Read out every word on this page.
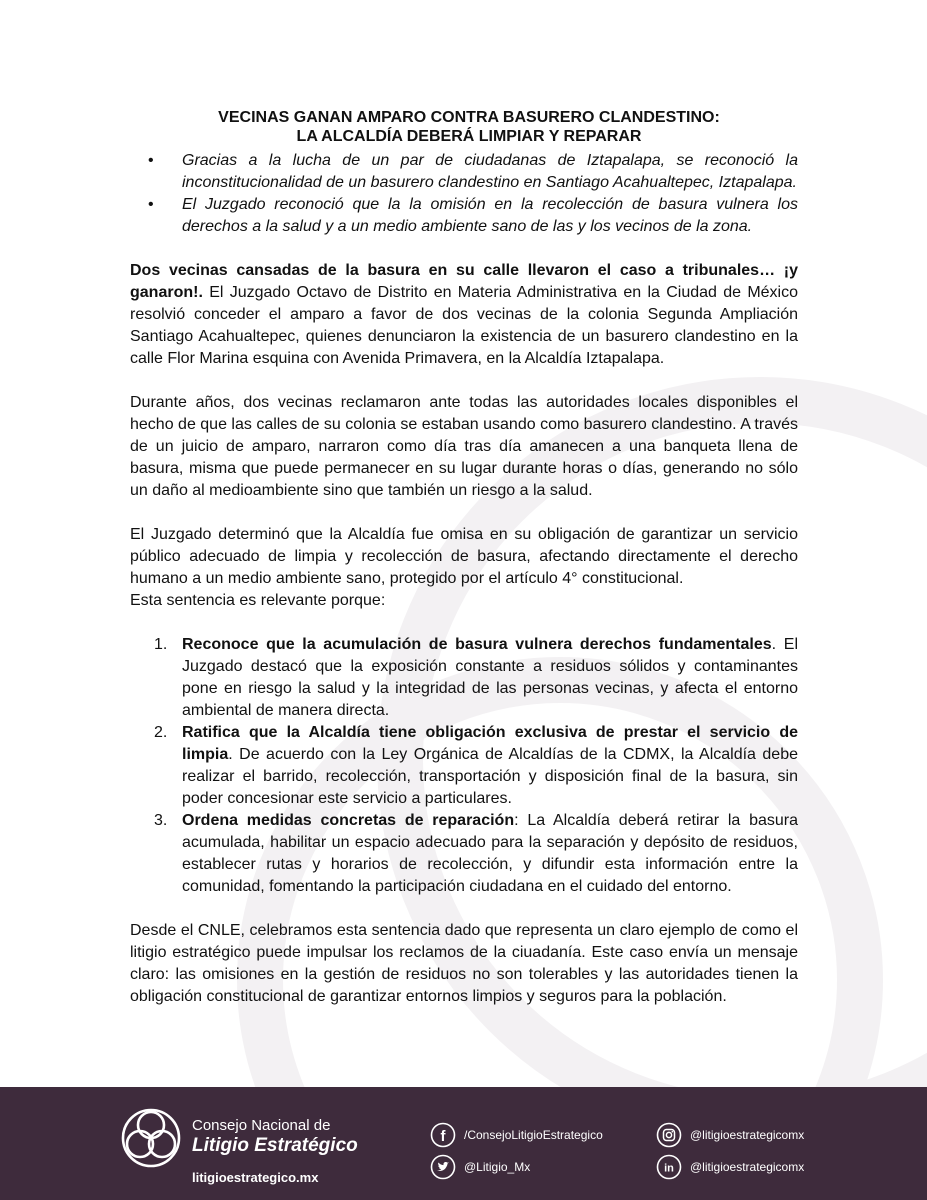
VECINAS GANAN AMPARO CONTRA BASURERO CLANDESTINO:
LA ALCALDÍA DEBERÁ LIMPIAR Y REPARAR
• Gracias a la lucha de un par de ciudadanas de Iztapalapa, se reconoció la inconstitucionalidad de un basurero clandestino en Santiago Acahualtepec, Iztapalapa.
• El Juzgado reconoció que la la omisión en la recolección de basura vulnera los derechos a la salud y a un medio ambiente sano de las y los vecinos de la zona.

Dos vecinas cansadas de la basura en su calle llevaron el caso a tribunales… ¡y ganaron!. El Juzgado Octavo de Distrito en Materia Administrativa en la Ciudad de México resolvió conceder el amparo a favor de dos vecinas de la colonia Segunda Ampliación Santiago Acahualtepec, quienes denunciaron la existencia de un basurero clandestino en la calle Flor Marina esquina con Avenida Primavera, en la Alcaldía Iztapalapa.

Durante años, dos vecinas reclamaron ante todas las autoridades locales disponibles el hecho de que las calles de su colonia se estaban usando como basurero clandestino. A través de un juicio de amparo, narraron como día tras día amanecen a una banqueta llena de basura, misma que puede permanecer en su lugar durante horas o días, generando no sólo un daño al medioambiente sino que también un riesgo a la salud.

El Juzgado determinó que la Alcaldía fue omisa en su obligación de garantizar un servicio público adecuado de limpia y recolección de basura, afectando directamente el derecho humano a un medio ambiente sano, protegido por el artículo 4° constitucional.

Esta sentencia es relevante porque:

1. Reconoce que la acumulación de basura vulnera derechos fundamentales. El Juzgado destacó que la exposición constante a residuos sólidos y contaminantes pone en riesgo la salud y la integridad de las personas vecinas, y afecta el entorno ambiental de manera directa.
2. Ratifica que la Alcaldía tiene obligación exclusiva de prestar el servicio de limpia. De acuerdo con la Ley Orgánica de Alcaldías de la CDMX, la Alcaldía debe realizar el barrido, recolección, transportación y disposición final de la basura, sin poder concesionar este servicio a particulares.
3. Ordena medidas concretas de reparación: La Alcaldía deberá retirar la basura acumulada, habilitar un espacio adecuado para la separación y depósito de residuos, establecer rutas y horarios de recolección, y difundir esta información entre la comunidad, fomentando la participación ciudadana en el cuidado del entorno.

Desde el CNLE, celebramos esta sentencia dado que representa un claro ejemplo de como el litigio estratégico puede impulsar los reclamos de la ciuadanía. Este caso envía un mensaje claro: las omisiones en la gestión de residuos no son tolerables y las autoridades tienen la obligación constitucional de garantizar entornos limpios y seguros para la población.

Consejo Nacional de
Litigio Estratégico
litigioestrategico.mx
f /ConsejoLitigioEstrategico
@Litigio_Mx
@litigioestrategicomx
in @litigioestrategicomx
